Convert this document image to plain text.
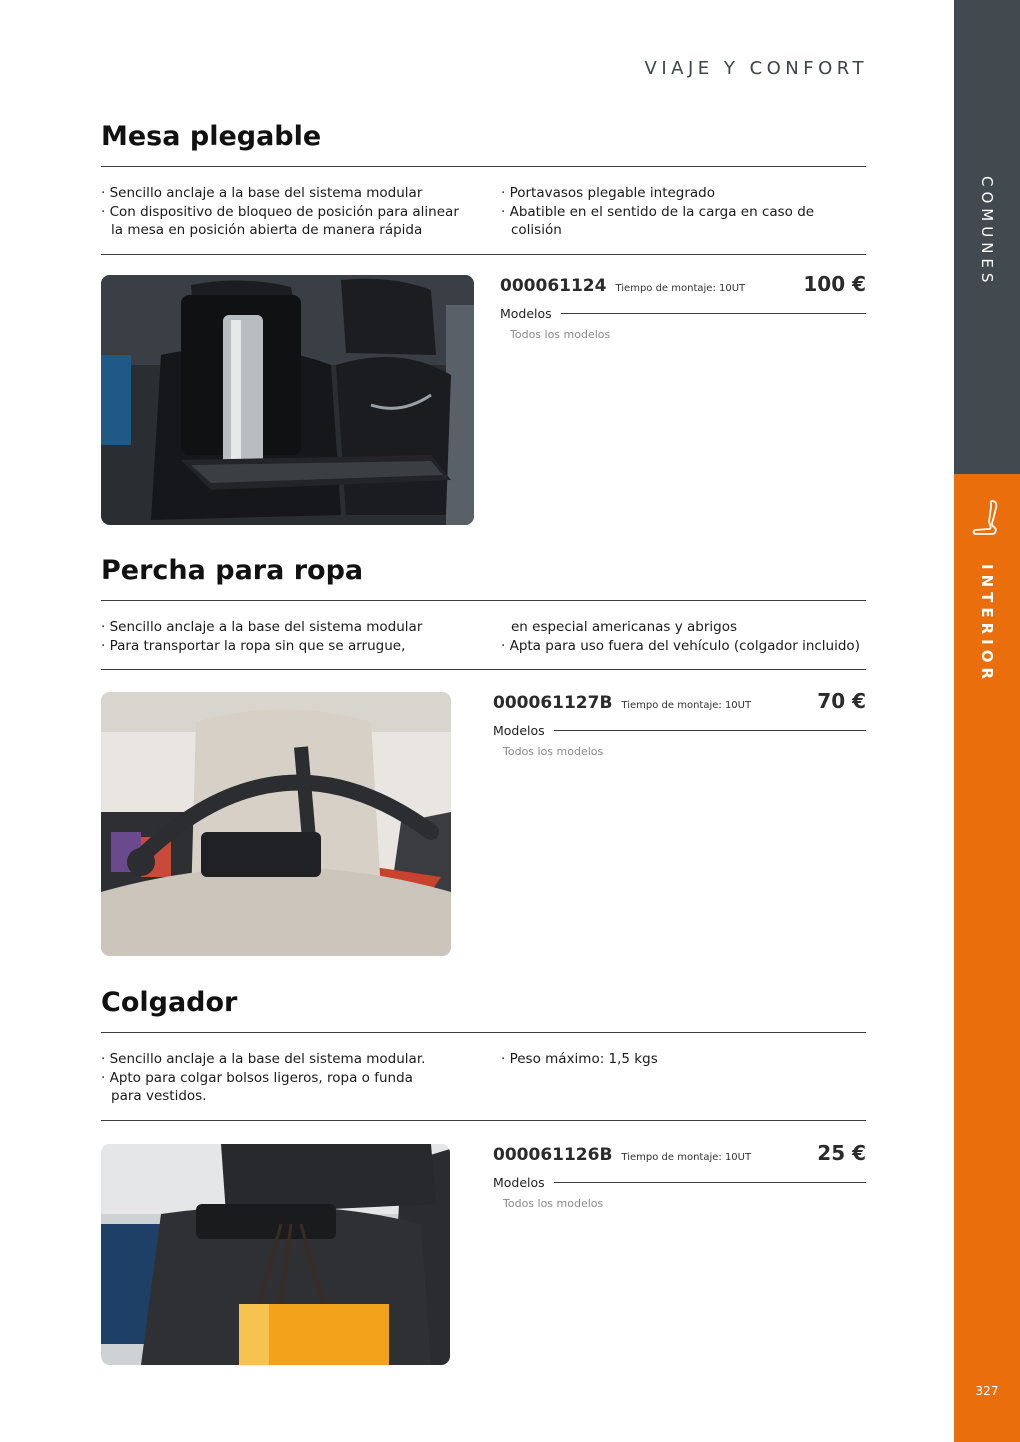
VIAJE Y CONFORT
COMUNES
INTERIOR
327
Mesa plegable
· Sencillo anclaje a la base del sistema modular
· Con dispositivo de bloqueo de posición para alinear
la mesa en posición abierta de manera rápida
· Portavasos plegable integrado
· Abatible en el sentido de la carga en caso de colisión
000061124 Tiempo de montaje: 10UT	100 €
Modelos
Todos los modelos
Percha para ropa
· Sencillo anclaje a la base del sistema modular
· Para transportar la ropa sin que se arrugue,
en especial americanas y abrigos
· Apta para uso fuera del vehículo (colgador incluido)
000061127B Tiempo de montaje: 10UT	70 €
Modelos
Todos los modelos
Colgador
· Sencillo anclaje a la base del sistema modular.
· Apto para colgar bolsos ligeros, ropa o funda
para vestidos.
· Peso máximo: 1,5 kgs
000061126B Tiempo de montaje: 10UT	25 €
Modelos
Todos los modelos
